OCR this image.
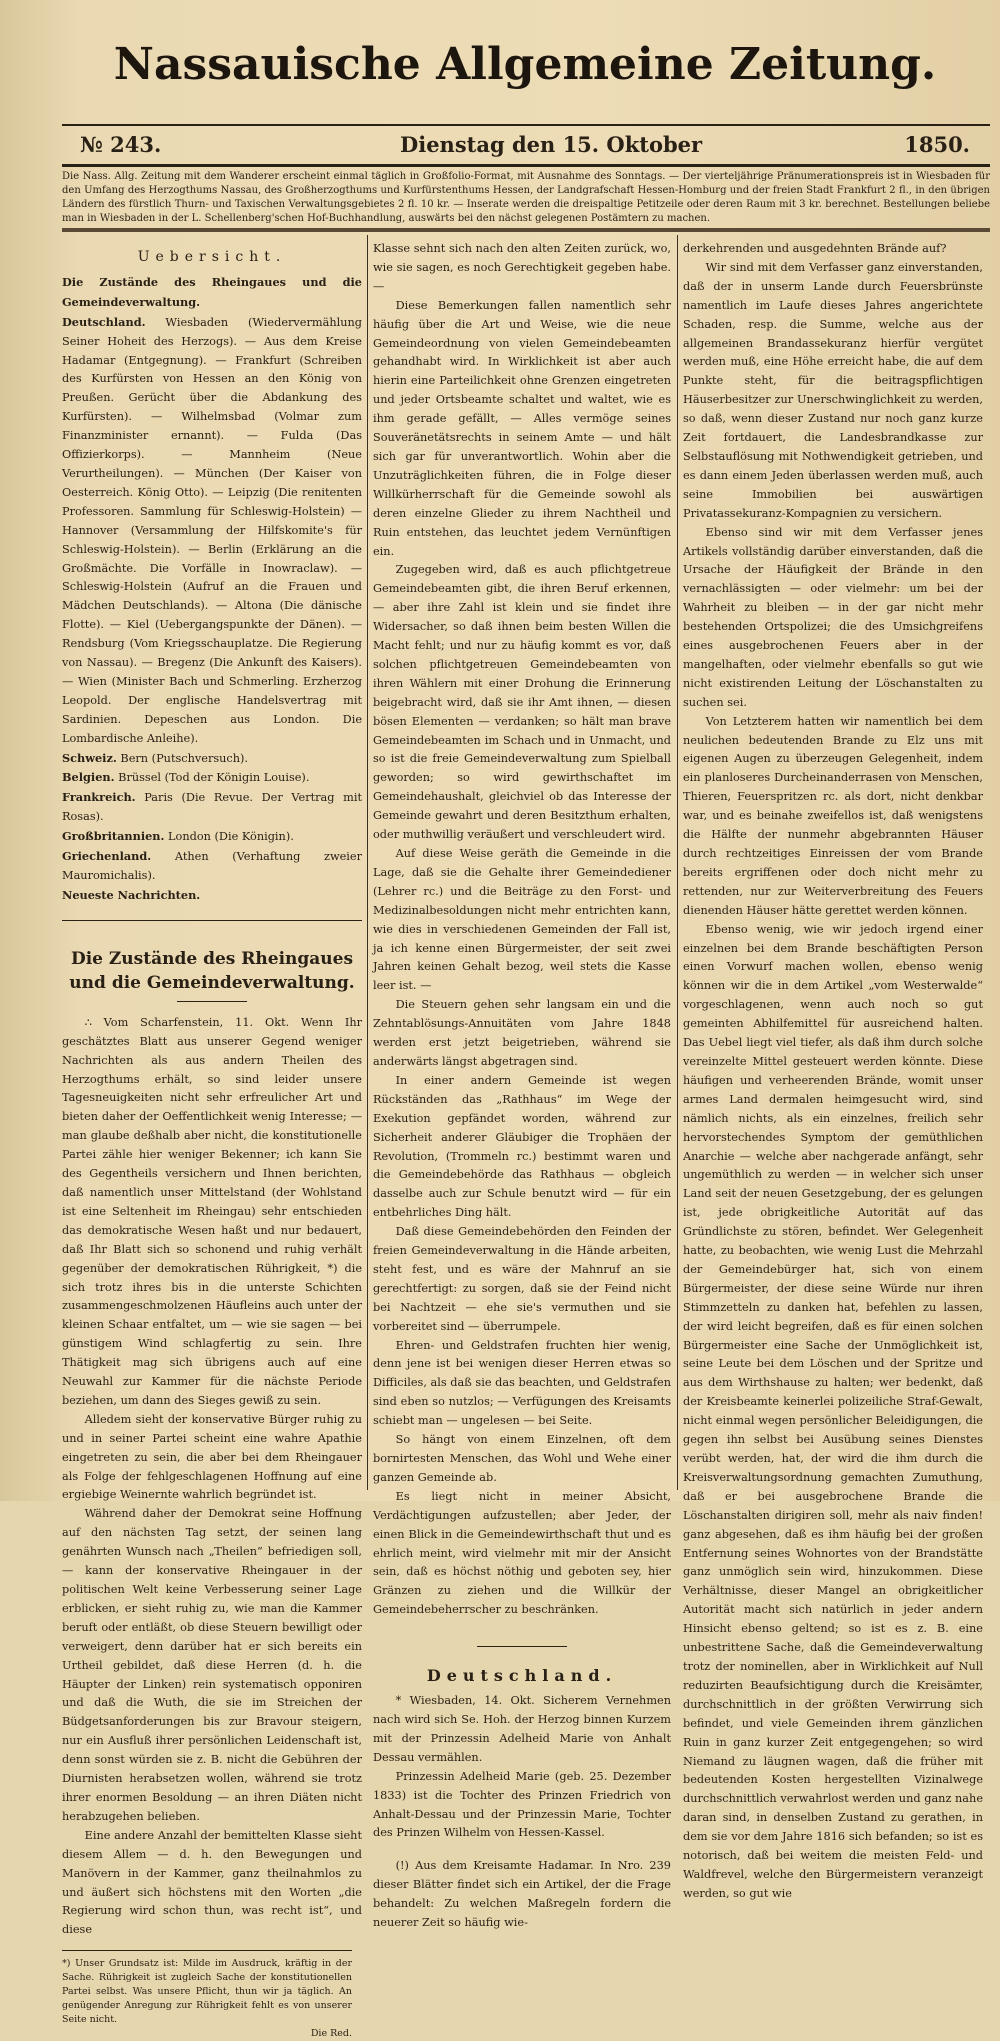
Nassauische Allgemeine Zeitung.
№ 243.	Dienstag den 15. Oktober	1850.
Die Nass. Allg. Zeitung mit dem Wanderer erscheint einmal täglich in Großfolio-Format, mit Ausnahme des Sonntags. — Der vierteljährige Pränumerationspreis ist in Wiesbaden für den Umfang des Herzogthums Nassau, des Großherzogthums und Kurfürstenthums Hessen, der Landgrafschaft Hessen-Homburg und der freien Stadt Frankfurt 2 fl., in den übrigen Ländern des fürstlich Thurn- und Taxischen Verwaltungsgebietes 2 fl. 10 kr. — Inserate werden die dreispaltige Petitzeile oder deren Raum mit 3 kr. berechnet. Bestellungen beliebe man in Wiesbaden in der L. Schellenberg'schen Hof-Buchhandlung, auswärts bei den nächst gelegenen Postämtern zu machen.
Uebersicht.
Die Zustände des Rheingaues und die Gemeindeverwaltung.
Deutschland. Wiesbaden (Wiedervermählung Seiner Hoheit des Herzogs). — Aus dem Kreise Hadamar (Entgegnung). — Frankfurt (Schreiben des Kurfürsten von Hessen an den König von Preußen. Gerücht über die Abdankung des Kurfürsten). — Wilhelmsbad (Volmar zum Finanzminister ernannt). — Fulda (Das Offizierkorps). — Mannheim (Neue Verurtheilungen). — München (Der Kaiser von Oesterreich. König Otto). — Leipzig (Die renitenten Professoren. Sammlung für Schleswig-Holstein) — Hannover (Versammlung der Hilfskomite's für Schleswig-Holstein). — Berlin (Erklärung an die Großmächte. Die Vorfälle in Inowraclaw). — Schleswig-Holstein (Aufruf an die Frauen und Mädchen Deutschlands). — Altona (Die dänische Flotte). — Kiel (Uebergangspunkte der Dänen). — Rendsburg (Vom Kriegsschauplatze. Die Regierung von Nassau). — Bregenz (Die Ankunft des Kaisers). — Wien (Minister Bach und Schmerling. Erzherzog Leopold. Der englische Handelsvertrag mit Sardinien. Depeschen aus London. Die Lombardische Anleihe).
Schweiz. Bern (Putschversuch).
Belgien. Brüssel (Tod der Königin Louise).
Frankreich. Paris (Die Revue. Der Vertrag mit Rosas).
Großbritannien. London (Die Königin).
Griechenland. Athen (Verhaftung zweier Mauromichalis).
Neueste Nachrichten.
Die Zustände des Rheingaues und die Gemeindeverwaltung.

∴ Vom Scharfenstein, 11. Okt. Wenn Ihr geschätztes Blatt aus unserer Gegend weniger Nachrichten als aus andern Theilen des Herzogthums erhält, so sind leider unsere Tagesneuigkeiten nicht sehr erfreulicher Art und bieten daher der Oeffentlichkeit wenig Interesse; — man glaube deßhalb aber nicht, die konstitutionelle Partei zähle hier weniger Bekenner; ich kann Sie des Gegentheils versichern und Ihnen berichten, daß namentlich unser Mittelstand (der Wohlstand ist eine Seltenheit im Rheingau) sehr entschieden das demokratische Wesen haßt und nur bedauert, daß Ihr Blatt sich so schonend und ruhig verhält gegenüber der demokratischen Rührigkeit, *) die sich trotz ihres bis in die unterste Schichten zusammengeschmolzenen Häufleins auch unter der kleinen Schaar entfaltet, um — wie sie sagen — bei günstigem Wind schlagfertig zu sein. Ihre Thätigkeit mag sich übrigens auch auf eine Neuwahl zur Kammer für die nächste Periode beziehen, um dann des Sieges gewiß zu sein.

Alledem sieht der konservative Bürger ruhig zu und in seiner Partei scheint eine wahre Apathie eingetreten zu sein, die aber bei dem Rheingauer als Folge der fehlgeschlagenen Hoffnung auf eine ergiebige Weinernte wahrlich begründet ist.

Während daher der Demokrat seine Hoffnung auf den nächsten Tag setzt, der seinen lang genährten Wunsch nach „Theilen“ befriedigen soll, — kann der konservative Rheingauer in der politischen Welt keine Verbesserung seiner Lage erblicken, er sieht ruhig zu, wie man die Kammer beruft oder entläßt, ob diese Steuern bewilligt oder verweigert, denn darüber hat er sich bereits ein Urtheil gebildet, daß diese Herren (d. h. die Häupter der Linken) rein systematisch opponiren und daß die Wuth, die sie im Streichen der Büdgetsanforderungen bis zur Bravour steigern, nur ein Ausfluß ihrer persönlichen Leidenschaft ist, denn sonst würden sie z. B. nicht die Gebühren der Diurnisten herabsetzen wollen, während sie trotz ihrer enormen Besoldung — an ihren Diäten nicht herabzugehen belieben.

Eine andere Anzahl der bemittelten Klasse sieht diesem Allem — d. h. den Bewegungen und Manövern in der Kammer, ganz theilnahmlos zu und äußert sich höchstens mit den Worten „die Regierung wird schon thun, was recht ist“, und diese

*) Unser Grundsatz ist: Milde im Ausdruck, kräftig in der Sache. Rührigkeit ist zugleich Sache der konstitutionellen Partei selbst. Was unsere Pflicht, thun wir ja täglich. An genügender Anregung zur Rührigkeit fehlt es von unserer Seite nicht.
Die Red.

Klasse sehnt sich nach den alten Zeiten zurück, wo, wie sie sagen, es noch Gerechtigkeit gegeben habe. —

Diese Bemerkungen fallen namentlich sehr häufig über die Art und Weise, wie die neue Gemeindeordnung von vielen Gemeindebeamten gehandhabt wird. In Wirklichkeit ist aber auch hierin eine Parteilichkeit ohne Grenzen eingetreten und jeder Ortsbeamte schaltet und waltet, wie es ihm gerade gefällt, — Alles vermöge seines Souveränetätsrechts in seinem Amte — und hält sich gar für unverantwortlich. Wohin aber die Unzuträglichkeiten führen, die in Folge dieser Willkürherrschaft für die Gemeinde sowohl als deren einzelne Glieder zu ihrem Nachtheil und Ruin entstehen, das leuchtet jedem Vernünftigen ein.

Zugegeben wird, daß es auch pflichtgetreue Gemeindebeamten gibt, die ihren Beruf erkennen, — aber ihre Zahl ist klein und sie findet ihre Widersacher, so daß ihnen beim besten Willen die Macht fehlt; und nur zu häufig kommt es vor, daß solchen pflichtgetreuen Gemeindebeamten von ihren Wählern mit einer Drohung die Erinnerung beigebracht wird, daß sie ihr Amt ihnen, — diesen bösen Elementen — verdanken; so hält man brave Gemeindebeamten im Schach und in Unmacht, und so ist die freie Gemeindeverwaltung zum Spielball geworden; so wird gewirthschaftet im Gemeindehaushalt, gleichviel ob das Interesse der Gemeinde gewahrt und deren Besitzthum erhalten, oder muthwillig veräußert und verschleudert wird.

Auf diese Weise geräth die Gemeinde in die Lage, daß sie die Gehalte ihrer Gemeindediener (Lehrer rc.) und die Beiträge zu den Forst- und Medizinalbesoldungen nicht mehr entrichten kann, wie dies in verschiedenen Gemeinden der Fall ist, ja ich kenne einen Bürgermeister, der seit zwei Jahren keinen Gehalt bezog, weil stets die Kasse leer ist. —

Die Steuern gehen sehr langsam ein und die Zehntablösungs-Annuitäten vom Jahre 1848 werden erst jetzt beigetrieben, während sie anderwärts längst abgetragen sind.

In einer andern Gemeinde ist wegen Rückständen das „Rathhaus“ im Wege der Exekution gepfändet worden, während zur Sicherheit anderer Gläubiger die Trophäen der Revolution, (Trommeln rc.) bestimmt waren und die Gemeindebehörde das Rathhaus — obgleich dasselbe auch zur Schule benutzt wird — für ein entbehrliches Ding hält.

Daß diese Gemeindebehörden den Feinden der freien Gemeindeverwaltung in die Hände arbeiten, steht fest, und es wäre der Mahnruf an sie gerechtfertigt: zu sorgen, daß sie der Feind nicht bei Nachtzeit — ehe sie's vermuthen und sie vorbereitet sind — überrumpele.

Ehren- und Geldstrafen fruchten hier wenig, denn jene ist bei wenigen dieser Herren etwas so Difficiles, als daß sie das beachten, und Geldstrafen sind eben so nutzlos; — Verfügungen des Kreisamts schiebt man — ungelesen — bei Seite.

So hängt von einem Einzelnen, oft dem bornirtesten Menschen, das Wohl und Wehe einer ganzen Gemeinde ab.

Es liegt nicht in meiner Absicht, Verdächtigungen aufzustellen; aber Jeder, der einen Blick in die Gemeindewirthschaft thut und es ehrlich meint, wird vielmehr mit mir der Ansicht sein, daß es höchst nöthig und geboten sey, hier Gränzen zu ziehen und die Willkür der Gemeindebeherrscher zu beschränken.

Deutschland.

* Wiesbaden, 14. Okt. Sicherem Vernehmen nach wird sich Se. Hoh. der Herzog binnen Kurzem mit der Prinzessin Adelheid Marie von Anhalt Dessau vermählen.

Prinzessin Adelheid Marie (geb. 25. Dezember 1833) ist die Tochter des Prinzen Friedrich von Anhalt-Dessau und der Prinzessin Marie, Tochter des Prinzen Wilhelm von Hessen-Kassel.

(!) Aus dem Kreisamte Hadamar. In Nro. 239 dieser Blätter findet sich ein Artikel, der die Frage behandelt: Zu welchen Maßregeln fordern die neuerer Zeit so häufig wie-

derkehrenden und ausgedehnten Brände auf?

Wir sind mit dem Verfasser ganz einverstanden, daß der in unserm Lande durch Feuersbrünste namentlich im Laufe dieses Jahres angerichtete Schaden, resp. die Summe, welche aus der allgemeinen Brandassekuranz hierfür vergütet werden muß, eine Höhe erreicht habe, die auf dem Punkte steht, für die beitragspflichtigen Häuserbesitzer zur Unerschwinglichkeit zu werden, so daß, wenn dieser Zustand nur noch ganz kurze Zeit fortdauert, die Landesbrandkasse zur Selbstauflösung mit Nothwendigkeit getrieben, und es dann einem Jeden überlassen werden muß, auch seine Immobilien bei auswärtigen Privatassekuranz-Kompagnien zu versichern.

Ebenso sind wir mit dem Verfasser jenes Artikels vollständig darüber einverstanden, daß die Ursache der Häufigkeit der Brände in den vernachlässigten — oder vielmehr: um bei der Wahrheit zu bleiben — in der gar nicht mehr bestehenden Ortspolizei; die des Umsichgreifens eines ausgebrochenen Feuers aber in der mangelhaften, oder vielmehr ebenfalls so gut wie nicht existirenden Leitung der Löschanstalten zu suchen sei.

Von Letzterem hatten wir namentlich bei dem neulichen bedeutenden Brande zu Elz uns mit eigenen Augen zu überzeugen Gelegenheit, indem ein planloseres Durcheinanderrasen von Menschen, Thieren, Feuerspritzen rc. als dort, nicht denkbar war, und es beinahe zweifellos ist, daß wenigstens die Hälfte der nunmehr abgebrannten Häuser durch rechtzeitiges Einreissen der vom Brande bereits ergriffenen oder doch nicht mehr zu rettenden, nur zur Weiterverbreitung des Feuers dienenden Häuser hätte gerettet werden können.

Ebenso wenig, wie wir jedoch irgend einer einzelnen bei dem Brande beschäftigten Person einen Vorwurf machen wollen, ebenso wenig können wir die in dem Artikel „vom Westerwalde“ vorgeschlagenen, wenn auch noch so gut gemeinten Abhilfemittel für ausreichend halten. Das Uebel liegt viel tiefer, als daß ihm durch solche vereinzelte Mittel gesteuert werden könnte. Diese häufigen und verheerenden Brände, womit unser armes Land dermalen heimgesucht wird, sind nämlich nichts, als ein einzelnes, freilich sehr hervorstechendes Symptom der gemüthlichen Anarchie — welche aber nachgerade anfängt, sehr ungemüthlich zu werden — in welcher sich unser Land seit der neuen Gesetzgebung, der es gelungen ist, jede obrigkeitliche Autorität auf das Gründlichste zu stören, befindet. Wer Gelegenheit hatte, zu beobachten, wie wenig Lust die Mehrzahl der Gemeindebürger hat, sich von einem Bürgermeister, der diese seine Würde nur ihren Stimmzetteln zu danken hat, befehlen zu lassen, der wird leicht begreifen, daß es für einen solchen Bürgermeister eine Sache der Unmöglichkeit ist, seine Leute bei dem Löschen und der Spritze und aus dem Wirthshause zu halten; wer bedenkt, daß der Kreisbeamte keinerlei polizeiliche Straf-Gewalt, nicht einmal wegen persönlicher Beleidigungen, die gegen ihn selbst bei Ausübung seines Dienstes verübt werden, hat, der wird die ihm durch die Kreisverwaltungsordnung gemachten Zumuthung, daß er bei ausgebrochene Brande die Löschanstalten dirigiren soll, mehr als naiv finden! ganz abgesehen, daß es ihm häufig bei der großen Entfernung seines Wohnortes von der Brandstätte ganz unmöglich sein wird, hinzukommen. Diese Verhältnisse, dieser Mangel an obrigkeitlicher Autorität macht sich natürlich in jeder andern Hinsicht ebenso geltend; so ist es z. B. eine unbestrittene Sache, daß die Gemeindeverwaltung trotz der nominellen, aber in Wirklichkeit auf Null reduzirten Beaufsichtigung durch die Kreisämter, durchschnittlich in der größten Verwirrung sich befindet, und viele Gemeinden ihrem gänzlichen Ruin in ganz kurzer Zeit entgegengehen; so wird Niemand zu läugnen wagen, daß die früher mit bedeutenden Kosten hergestellten Vizinalwege durchschnittlich verwahrlost werden und ganz nahe daran sind, in denselben Zustand zu gerathen, in dem sie vor dem Jahre 1816 sich befanden; so ist es notorisch, daß bei weitem die meisten Feld- und Waldfrevel, welche den Bürgermeistern veranzeigt werden, so gut wie
